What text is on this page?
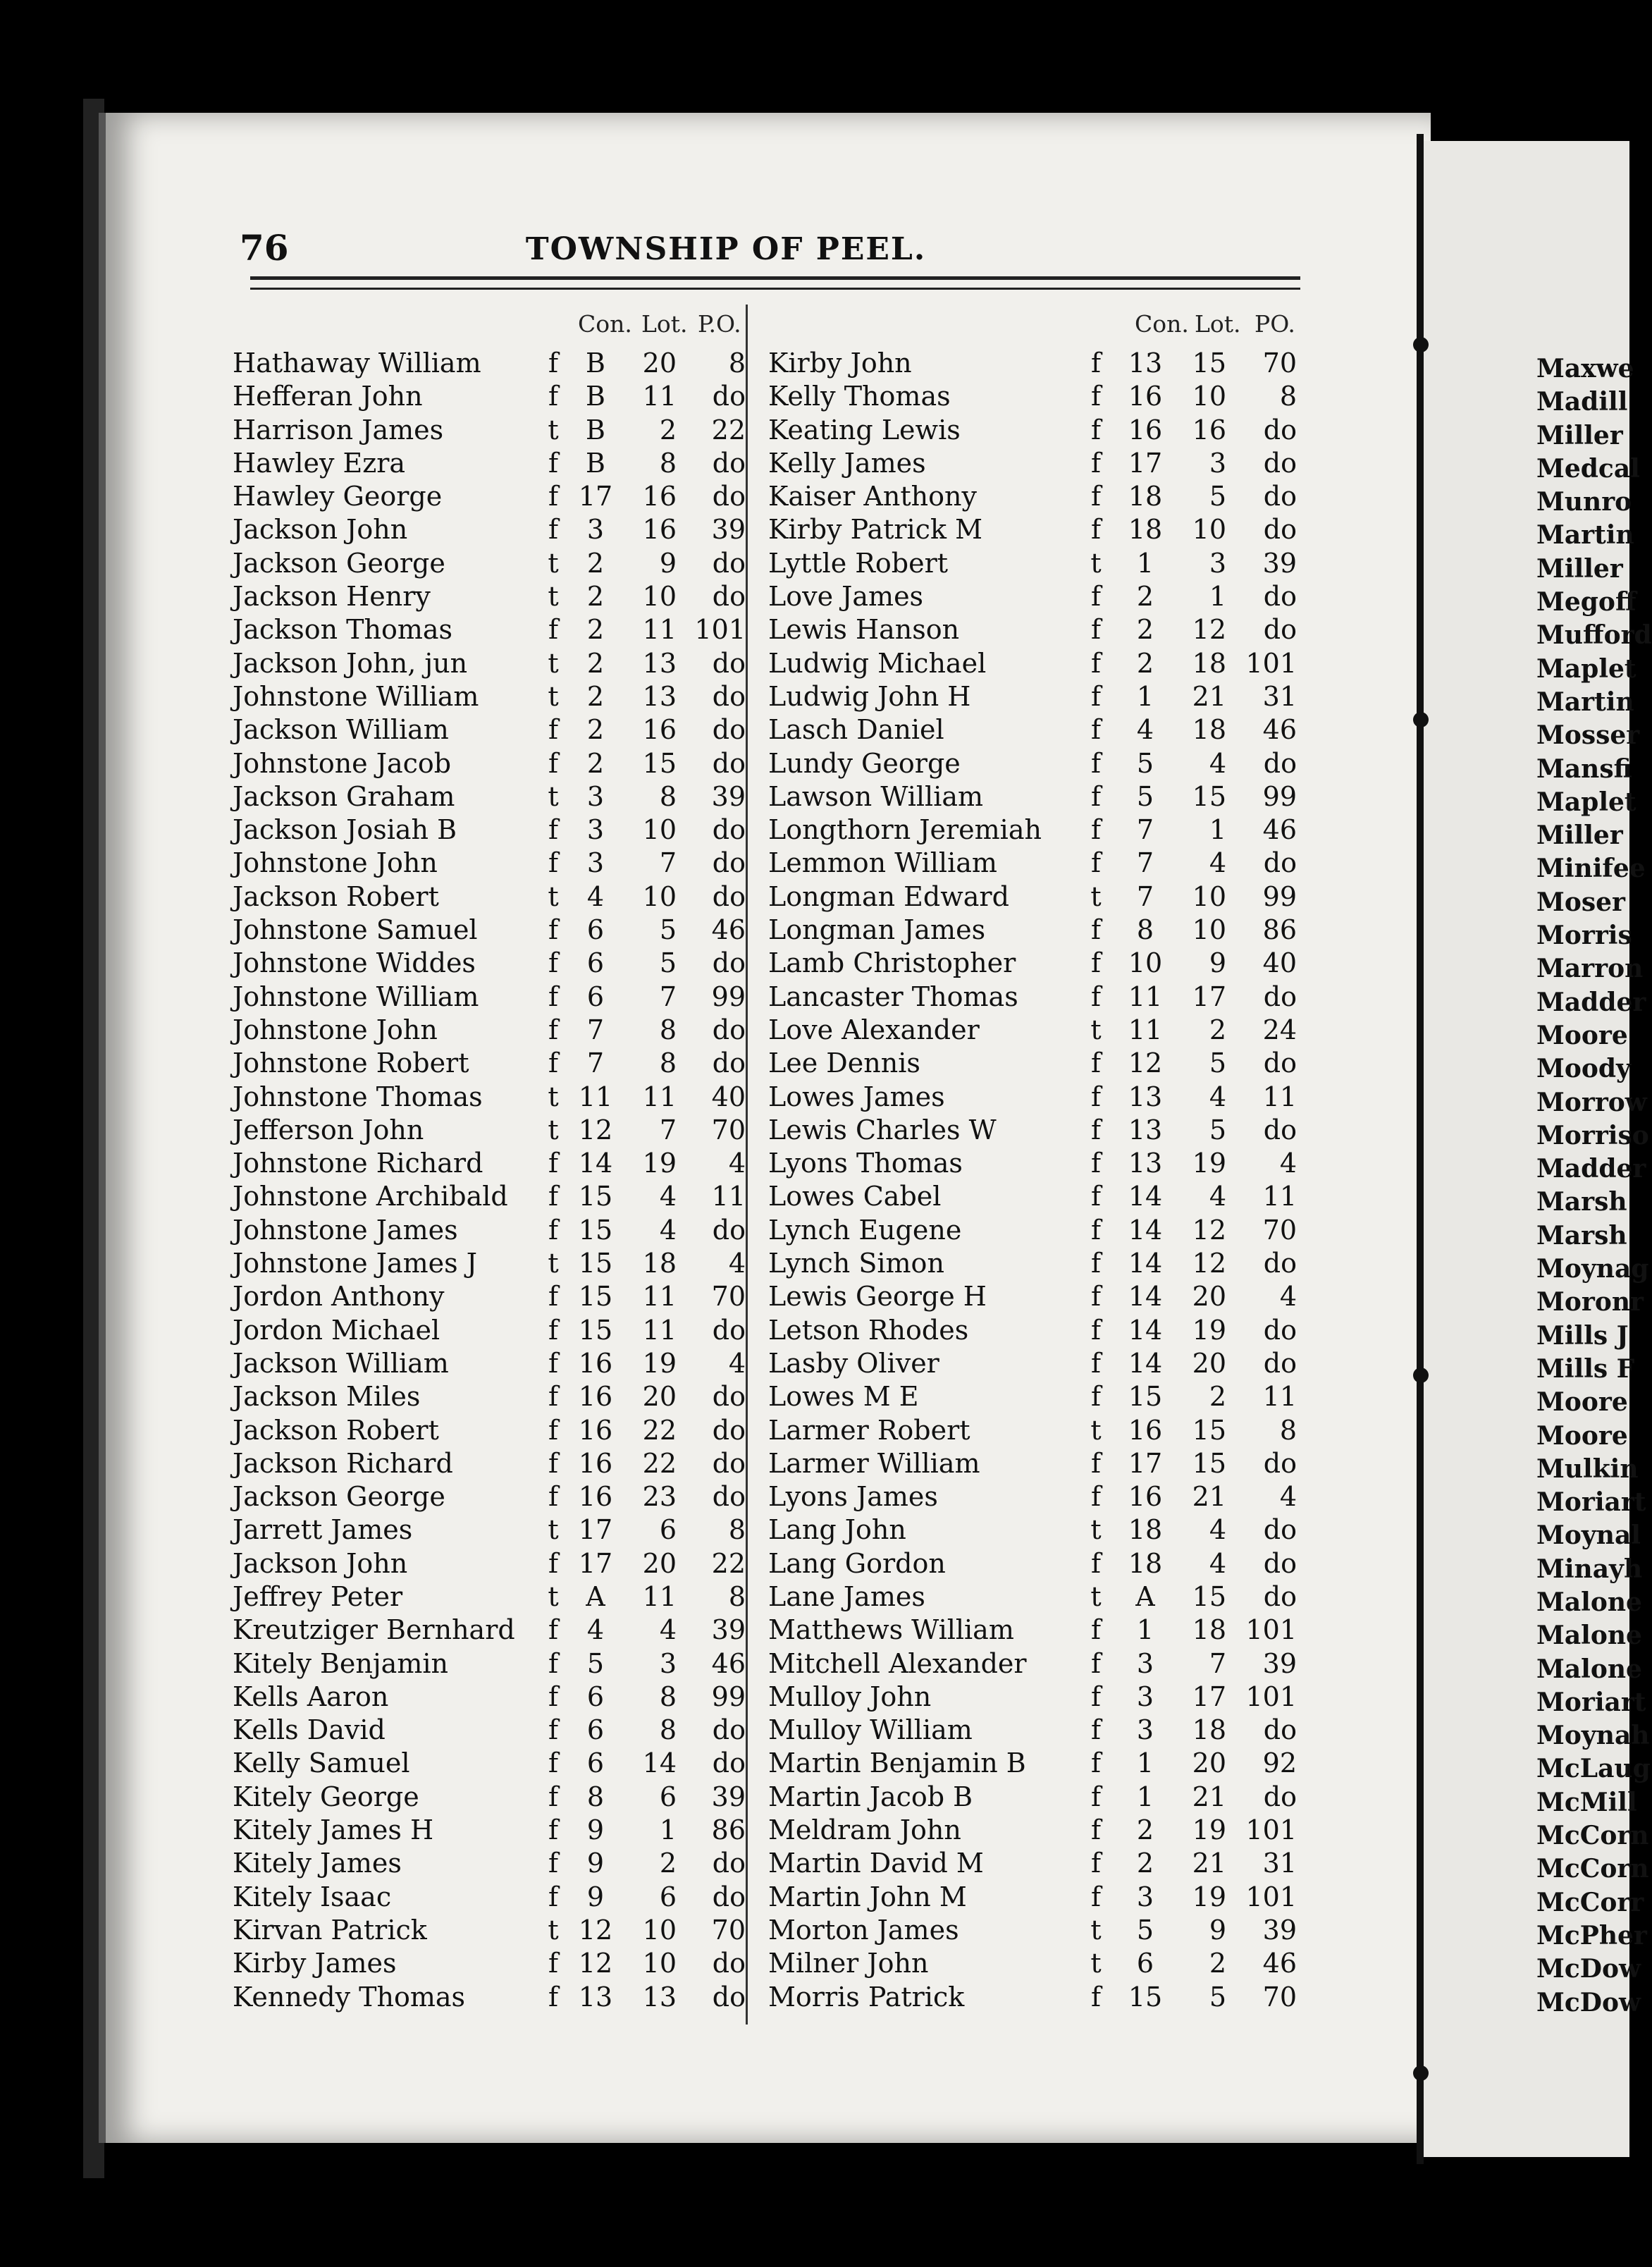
76	TOWNSHIP OF PEEL.
Con. Lot. P.O.
Hathaway William	f	B	20	8
Hefferan John	f	B	11	do
Harrison James	t	B	2	22
Hawley Ezra	f	B	8	do
Hawley George	f 17	16	do
Jackson John	f	3	16	39
Jackson George	t	2	9	do
Jackson Henry	t	2	10	do
Jackson Thomas	f	2	11 101
Jackson John, jun	t	2	13	do
Johnstone William	t	2	13	do
Jackson William	f	2	16	do
Johnstone Jacob	f	2	15	do
Jackson Graham	t	3	8	39
Jackson Josiah B	f	3	10	do
Johnstone John	f	3	7	do
Jackson Robert	t	4	10	do
Johnstone Samuel	f	6	5	46
Johnstone Widdes	f	6	5	do
Johnstone William	f	6	7	99
Johnstone John	f	7	8	do
Johnstone Robert	f	7	8	do
Johnstone Thomas t 11	11	40
Jefferson John	t 12	7	70
Johnstone Richard f 14	19	4
Johnstone Archibald f 15	4	11
Johnstone James	f 15	4	do
Johnstone James J	t 15	18	4
Jordon Anthony	f 15	11	70
Jordon Michael	f 15	11	do
Jackson William	f 16	19	4
Jackson Miles	f 16	20	do
Jackson Robert	f 16	22	do
Jackson Richard	f 16	22	do
Jackson George	f 16	23	do
Jarrett James	t 17	6	8
Jackson John	f 17	20	22
Jeffrey Peter	t	A	11	8
Kreutziger Bernhard f	4	4	39
Kitely Benjamin	f	5	3	46
Kells Aaron	f	6	8	99
Kells David	f	6	8	do
Kelly Samuel	f	6	14	do
Kitely George	f	8	6	39
Kitely James H	f	9	1	86
Kitely James	f	9	2	do
Kitely Isaac	f	9	6	do
Kirvan Patrick	t 12	10	70
Kirby James	f 12	10	do
Kennedy Thomas	f 13	13	do
Con. Lot. PO.
Kirby John	f 13	15	70
Kelly Thomas	f 16	10	8
Keating Lewis	f 16	16	do
Kelly James	f 17	3	do
Kaiser Anthony	f 18	5	do
Kirby Patrick M	f 18	10	do
Lyttle Robert	t	1	3	39
Love James	f	2	1	do
Lewis Hanson	f	2	12	do
Ludwig Michael	f	2	18 101
Ludwig John H	f	1	21	31
Lasch Daniel	f	4	18	46
Lundy George	f	5	4	do
Lawson William	f	5	15	99
Longthorn Jeremiah f	7	1	46
Lemmon William	f	7	4	do
Longman Edward	t	7	10	99
Longman James	f	8	10	86
Lamb Christopher	f 10	9	40
Lancaster Thomas	f 11	17	do
Love Alexander	t 11	2	24
Lee Dennis	f 12	5	do
Lowes James	f 13	4	11
Lewis Charles W	f 13	5	do
Lyons Thomas	f 13	19	4
Lowes Cabel	f 14	4	11
Lynch Eugene	f 14	12	70
Lynch Simon	f 14	12	do
Lewis George H	f 14	20	4
Letson Rhodes	f 14	19	do
Lasby Oliver	f 14	20	do
Lowes M E	f 15	2	11
Larmer Robert	t 16	15	8
Larmer William	f 17	15	do
Lyons James	f 16	21	4
Lang John	t 18	4	do
Lang Gordon	f 18	4	do
Lane James	t	A	15	do
Matthews William	f	1	18 101
Mitchell Alexander f	3	7	39
Mulloy John	f	3	17 101
Mulloy William	f	3	18	do
Martin Benjamin B f	1	20	92
Martin Jacob B	f	1	21	do
Meldram John	f	2	19 101
Martin David M	f	2	21	31
Martin John M	f	3	19 101
Morton James	t	5	9	39
Milner John	t	6	2	46
Morris Patrick	f 15	5	70
Maxwe
Madill
Miller
Medcal
Munro
Martin
Miller
Megoff
Mufford
Maplet
Martin
Mosser
Mansfi
Maplet
Miller
Minifee
Moser
Morris
Marron
Madder
Moore
Moody
Morrow
Morriso
Madder
Marsh
Marsh
Moynag
Moronr
Mills J
Mills F
Moore
Moore
Mulkin
Moriart
Moynal
Minayh
Malone
Malone
Malone
Moriart
Moynah
McLaug
McMill
McCorn
McCorn
McCorr
McPher
McDow
McDow
